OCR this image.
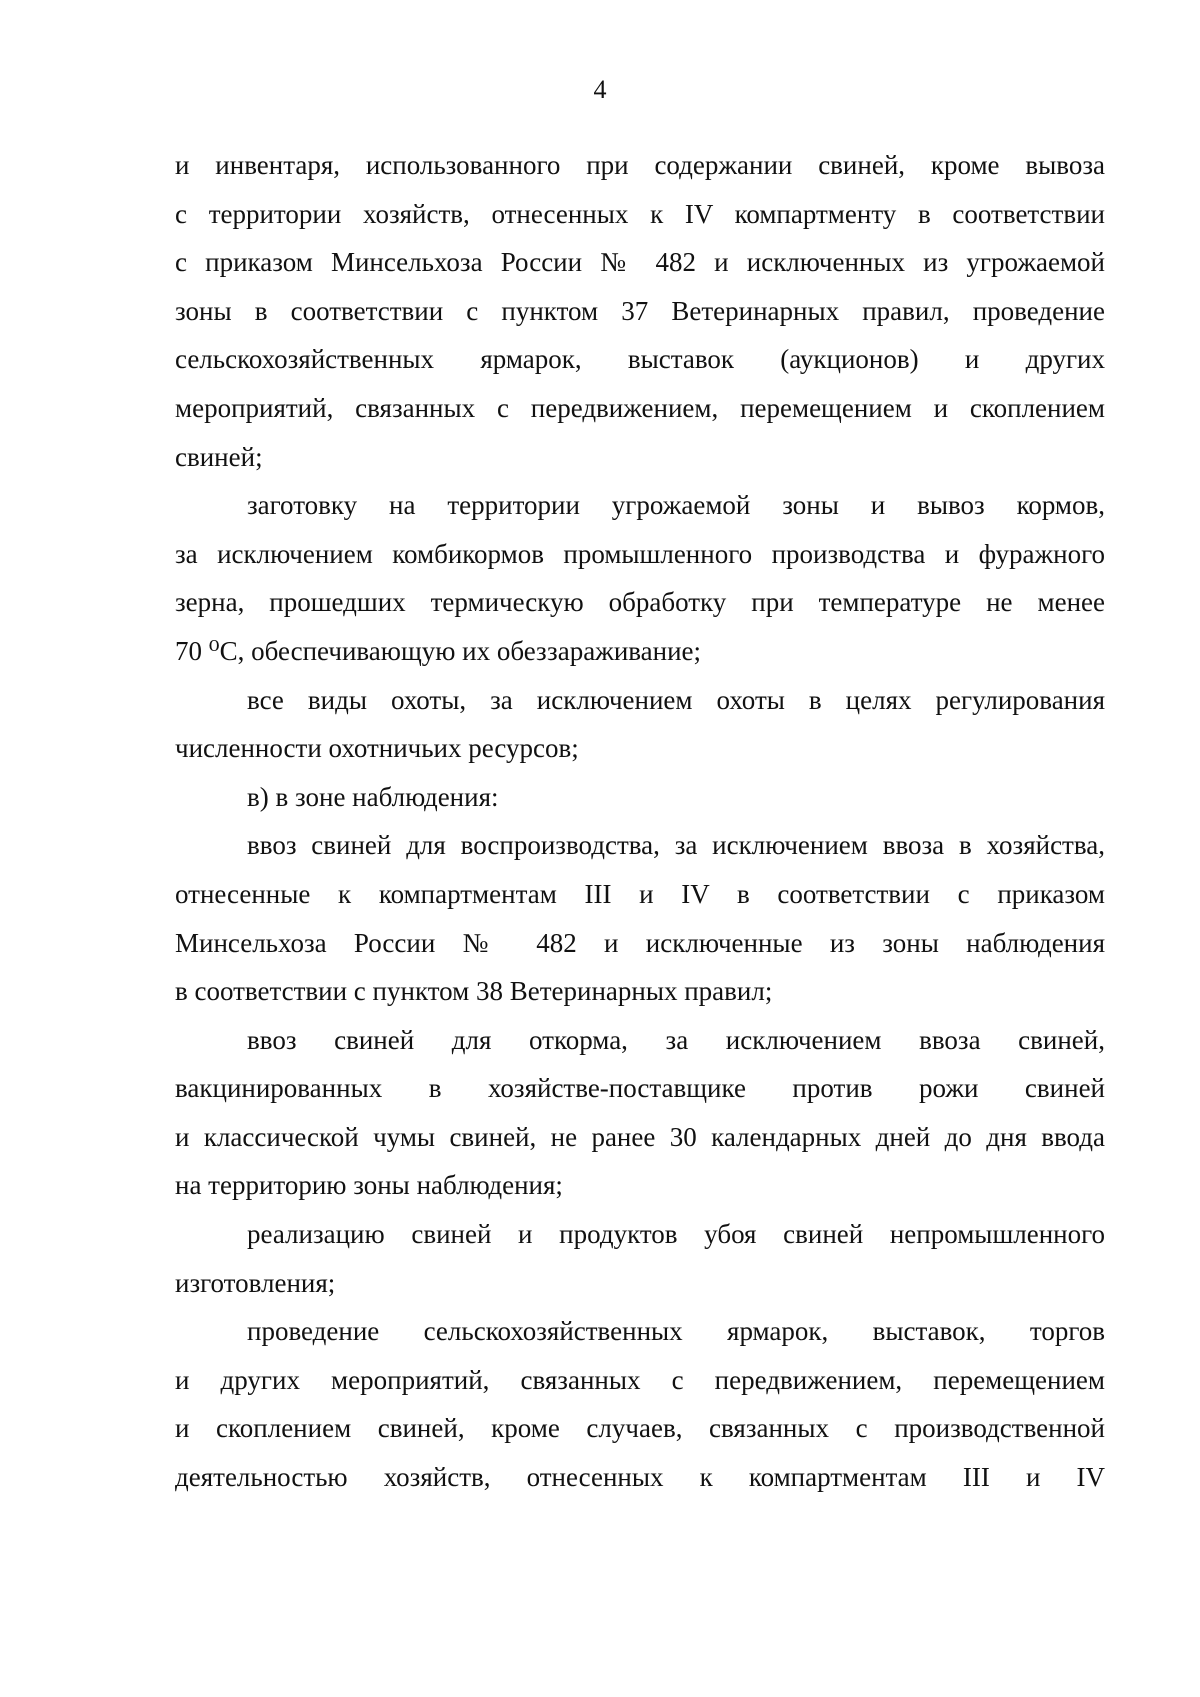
4

и инвентаря, использованного при содержании свиней, кроме вывоза

с территории хозяйств, отнесенных к IV компартменту в соответствии

с приказом Минсельхоза России № 482 и исключенных из угрожаемой

зоны в соответствии с пунктом 37 Ветеринарных правил, проведение

сельскохозяйственных ярмарок, выставок (аукционов) и других

мероприятий, связанных с передвижением, перемещением и скоплением

свиней;

заготовку на территории угрожаемой зоны и вывоз кормов,

за исключением комбикормов промышленного производства и фуражного

зерна, прошедших термическую обработку при температуре не менее

70 ⁰С, обеспечивающую их обеззараживание;

все виды охоты, за исключением охоты в целях регулирования

численности охотничьих ресурсов;

в) в зоне наблюдения:

ввоз свиней для воспроизводства, за исключением ввоза в хозяйства,

отнесенные к компартментам III и IV в соответствии с приказом

Минсельхоза России № 482 и исключенные из зоны наблюдения

в соответствии с пунктом 38 Ветеринарных правил;

ввоз свиней для откорма, за исключением ввоза свиней,

вакцинированных в хозяйстве-поставщике против рожи свиней

и классической чумы свиней, не ранее 30 календарных дней до дня ввода

на территорию зоны наблюдения;

реализацию свиней и продуктов убоя свиней непромышленного

изготовления;

проведение сельскохозяйственных ярмарок, выставок, торгов

и других мероприятий, связанных с передвижением, перемещением

и скоплением свиней, кроме случаев, связанных с производственной

деятельностью хозяйств, отнесенных к компартментам III и IV
